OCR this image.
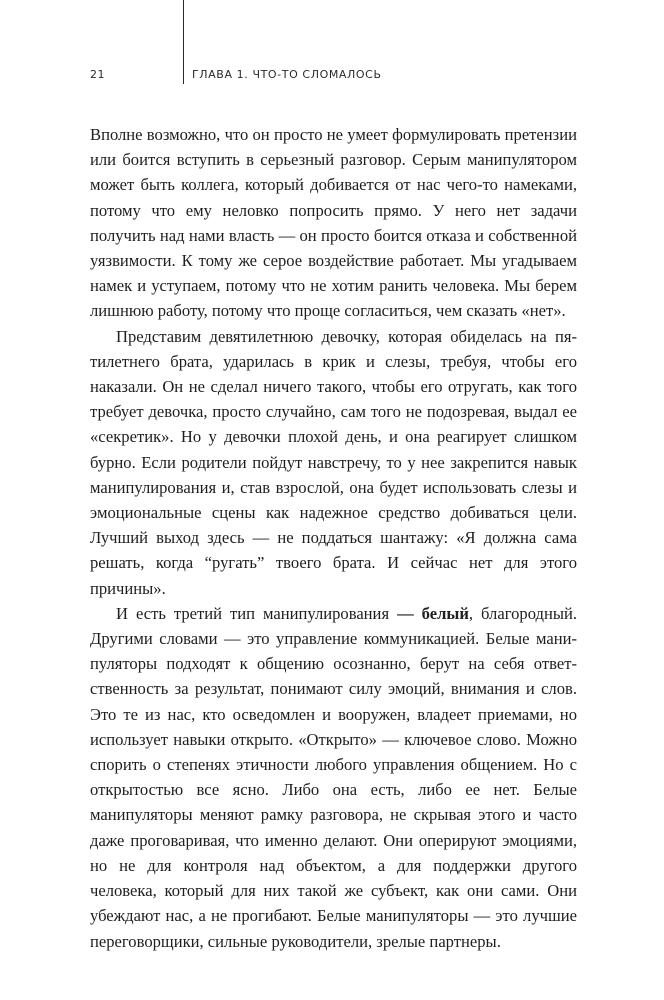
21	ГЛАВА 1. ЧТО-ТО СЛОМАЛОСЬ

Вполне возможно, что он просто не умеет формулировать претензии или боится вступить в серьезный разговор. Серым манипулятором может быть коллега, который добивается от нас чего-то намеками, потому что ему неловко попросить прямо. У него нет задачи получить над нами власть — он просто боится отказа и собственной уязвимости. К тому же серое воздействие работает. Мы угадываем намек и уступаем, потому что не хотим ранить человека. Мы берем лишнюю работу, потому что проще согласиться, чем сказать «нет».

Представим девятилетнюю девочку, которая обиделась на пятилетнего брата, ударилась в крик и слезы, требуя, чтобы его наказали. Он не сделал ничего такого, чтобы его отругать, как того требует девочка, просто случайно, сам того не подозревая, выдал ее «секретик». Но у девочки плохой день, и она реагирует слишком бурно. Если родители пойдут навстречу, то у нее закрепится навык манипулирования и, став взрослой, она будет использовать слезы и эмоциональные сцены как надежное средство добиваться цели. Лучший выход здесь — не поддаться шантажу: «Я должна сама решать, когда “ругать” твоего брата. И сейчас нет для этого причины».

И есть третий тип манипулирования — белый, благородный. Другими словами — это управление коммуникацией. Белые манипуляторы подходят к общению осознанно, берут на себя ответственность за результат, понимают силу эмоций, внимания и слов. Это те из нас, кто осведомлен и вооружен, владеет приемами, но использует навыки открыто. «Открыто» — ключевое слово. Можно спорить о степенях этичности любого управления общением. Но с открытостью все ясно. Либо она есть, либо ее нет. Белые манипуляторы меняют рамку разговора, не скрывая этого и часто даже проговаривая, что именно делают. Они оперируют эмоциями, но не для контроля над объектом, а для поддержки другого человека, который для них такой же субъект, как они сами. Они убеждают нас, а не прогибают. Белые манипуляторы — это лучшие переговорщики, сильные руководители, зрелые партнеры.
